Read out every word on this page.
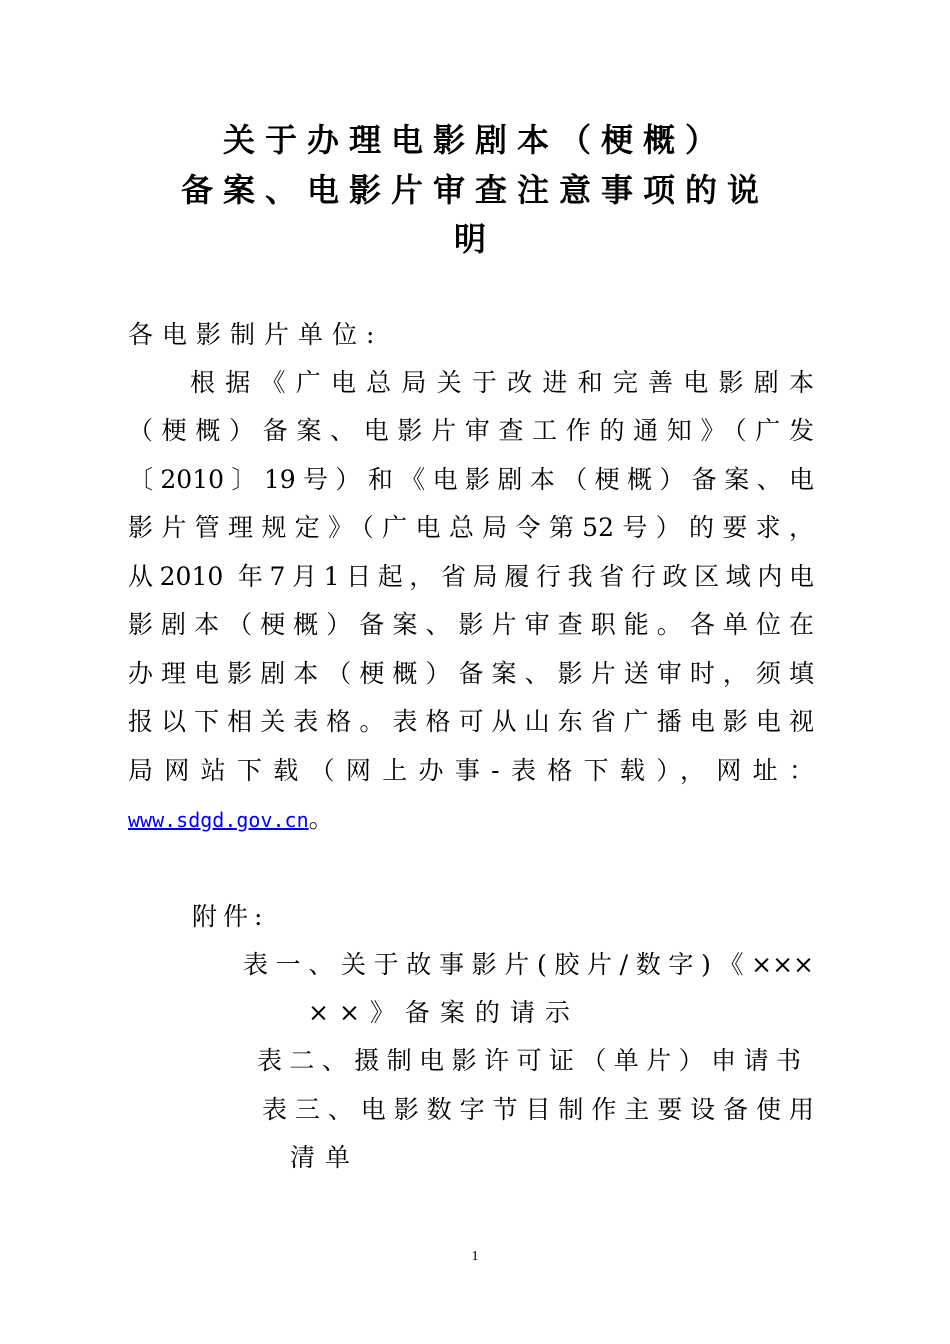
关于办理电影剧本（梗概）
备案、电影片审查注意事项的说
明
各电影制片单位:
根据《广电总局关于改进和完善电影剧本
（梗概）备案、电影片审查工作的通知》（广发
〔2010〕19号）和《电影剧本（梗概）备案、电
影片管理规定》（广电总局令第52号）的要求，
从2010 年7月1日起，省局履行我省行政区域内电
影剧本（梗概）备案、影片审查职能。各单位在
办理电影剧本（梗概）备案、影片送审时，须填
报以下相关表格。表格可从山东省广播电影电视
局网站下载（网上办事-表格下载），网址：
www.sdgd.gov.cn。
附件:
表一、关于故事影片(胶片/数字)《×××
××》备案的请示
表二、摄制电影许可证（单片）申请书
表三、电影数字节目制作主要设备使用
清单
1
